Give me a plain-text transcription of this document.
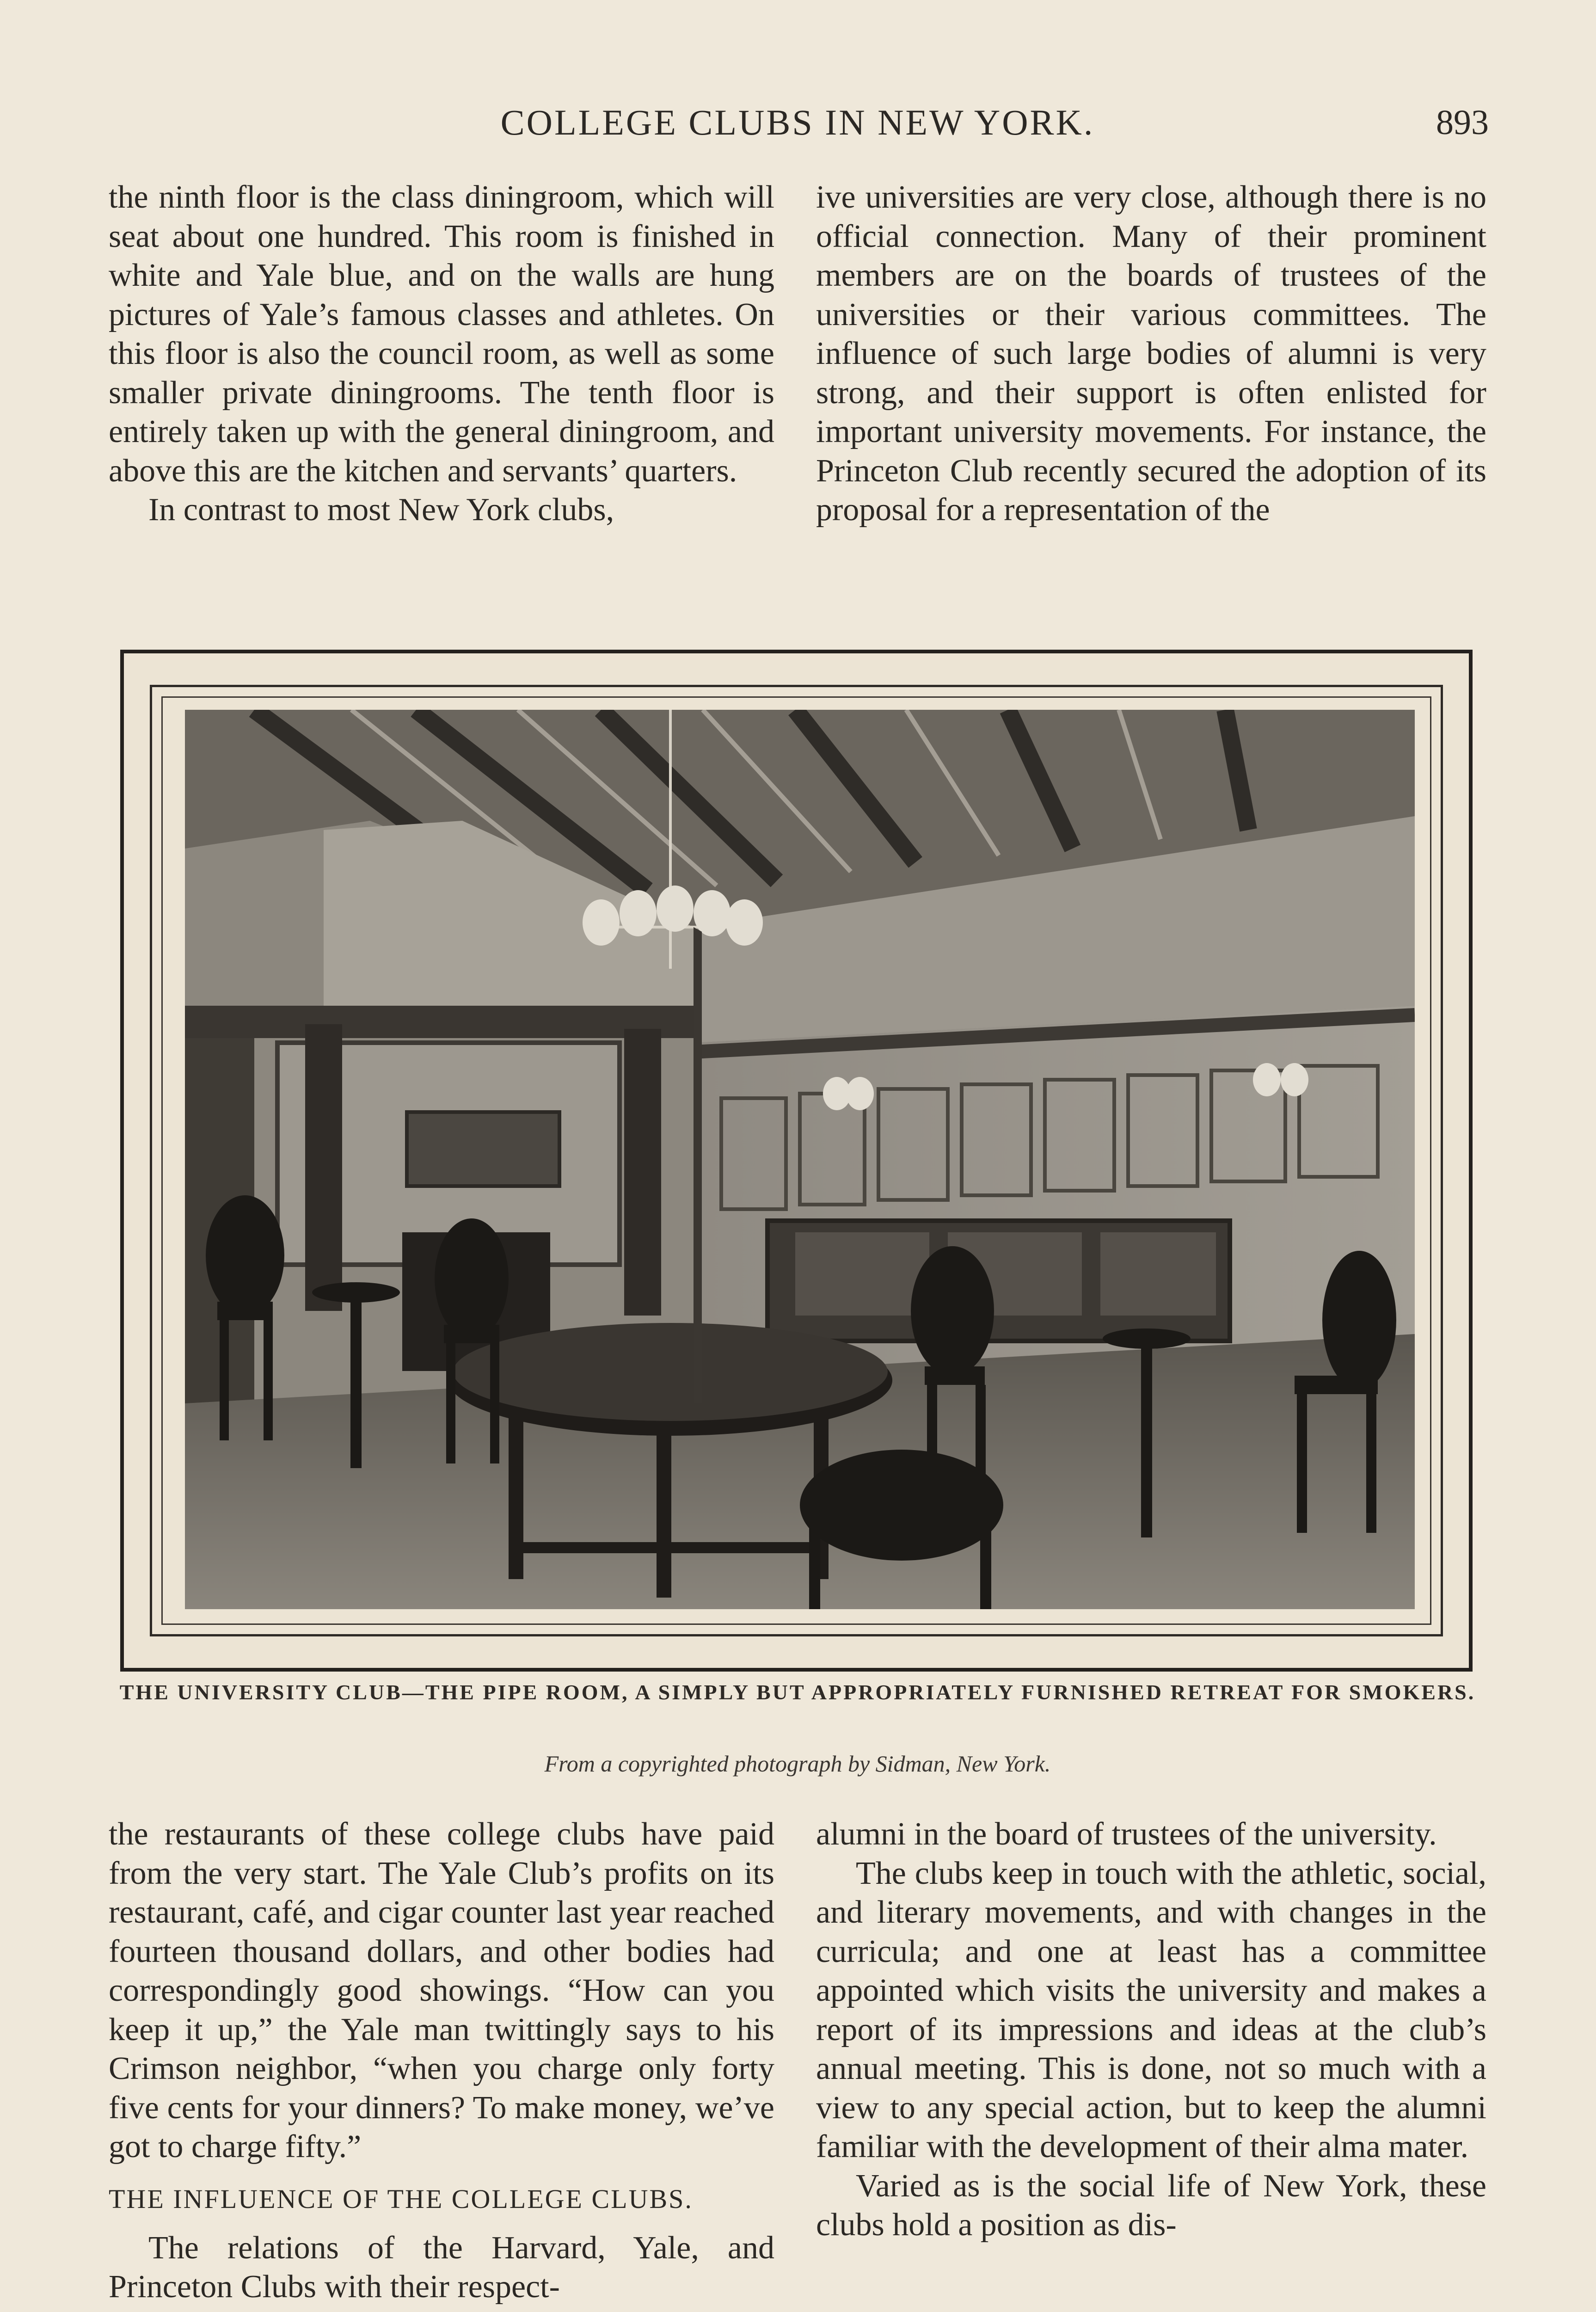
COLLEGE CLUBS IN NEW YORK.	893

the ninth floor is the class diningroom, which will seat about one hundred. This room is finished in white and Yale blue, and on the walls are hung pictures of Yale’s famous classes and athletes. On this floor is also the council room, as well as some smaller private diningrooms. The tenth floor is entirely taken up with the general diningroom, and above this are the kitchen and servants’ quarters.

In contrast to most New York clubs,

ive universities are very close, although there is no official connection. Many of their prominent members are on the boards of trustees of the universities or their various committees. The influence of such large bodies of alumni is very strong, and their support is often enlisted for important university movements. For instance, the Princeton Club recently secured the adoption of its proposal for a representation of the

THE UNIVERSITY CLUB—THE PIPE ROOM, A SIMPLY BUT APPROPRIATELY FURNISHED RETREAT FOR SMOKERS.
From a copyrighted photograph by Sidman, New York.

the restaurants of these college clubs have paid from the very start. The Yale Club’s profits on its restaurant, café, and cigar counter last year reached fourteen thousand dollars, and other bodies had correspondingly good showings. “How can you keep it up,” the Yale man twittingly says to his Crimson neighbor, “when you charge only forty five cents for your dinners? To make money, we’ve got to charge fifty.”

THE INFLUENCE OF THE COLLEGE CLUBS.

The relations of the Harvard, Yale, and Princeton Clubs with their respect-

alumni in the board of trustees of the university.

The clubs keep in touch with the athletic, social, and literary movements, and with changes in the curricula; and one at least has a committee appointed which visits the university and makes a report of its impressions and ideas at the club’s annual meeting. This is done, not so much with a view to any special action, but to keep the alumni familiar with the development of their alma mater.

Varied as is the social life of New York, these clubs hold a position as dis-
